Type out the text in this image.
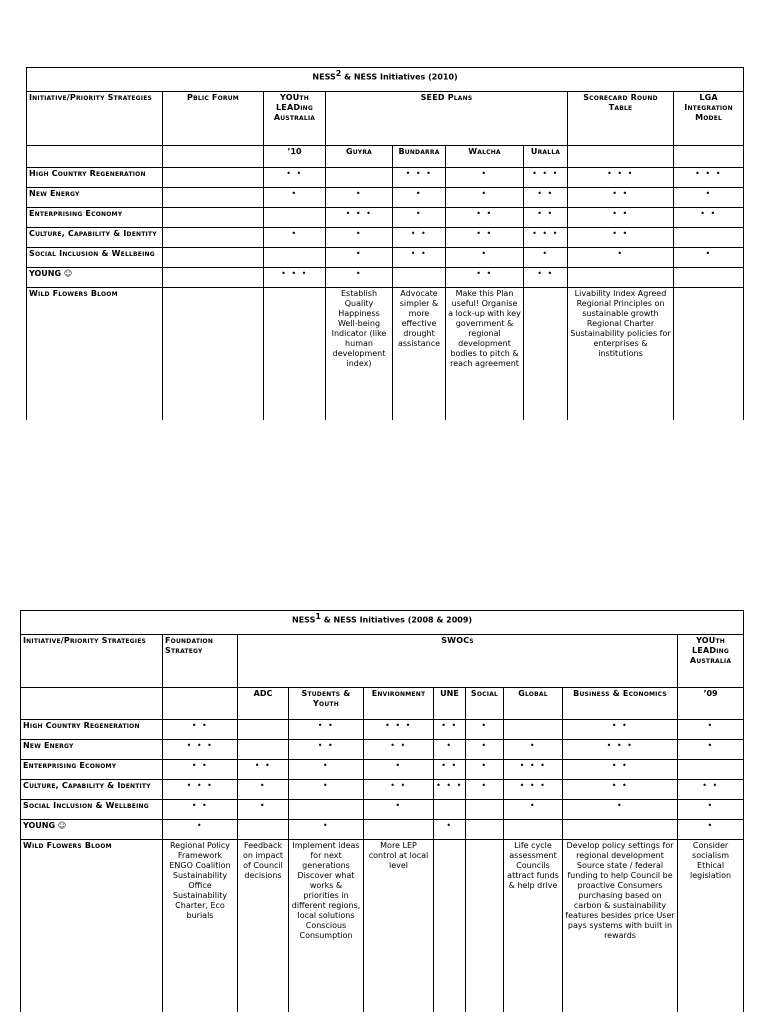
NESS$^2$ & NESS Initiatives (2010)								
Initiative/Priority Strategies	Pblic Forum	YOUth LEADing Australia	SEED Plans				Scorecard Round Table	LGA Integration Model
		’10	Guyra	Bundarra	Walcha	Uralla		
High Country Regeneration		• •		• • •	•	• • •	• • •	• • •
New Energy		•	•	•	•	• •	• •	•
Enterprising Economy			• • •	•	• •	• •	• •	• •
Culture, Capability & Identity		•	•	• •	• •	• • •	• •	
Social Inclusion & Wellbeing			•	• •	•	•	•	•
YOUNG ☺		• • •	•		• •	• •		
Wild Flowers Bloom			Establish Quality Happiness Well-being Indicator (like human development index)	Advocate simpler & more effective drought assistance	Make this Plan useful! Organise a lock-up with key government & regional development bodies to pitch & reach agreement		Livability Index Agreed Regional Principles on sustainable growth Regional Charter Sustainability policies for enterprises & institutions	
NESS$^1$ & NESS Initiatives (2008 & 2009)									
Initiative/Priority Strategies	Foundation Strategy	SWOCs							YOUth LEADing Australia
		ADC	Students & Youth	Environment	UNE	Social	Global	Business & Economics	’09
High Country Regeneration	• •		• •	• • •	• •	•		• •	•
New Energy	• • •		• •	• •	•	•	•	• • •	•
Enterprising Economy	• •	• •	•	•	• •	•	• • •	• •	
Culture, Capability & Identity	• • •	•	•	• •	• • •	•	• • •	• •	• •
Social Inclusion & Wellbeing	• •	•		•			•	•	•
YOUNG ☺	•		•		•				•
Wild Flowers Bloom	Regional Policy Framework ENGO Coalition Sustainability Office Sustainability Charter, Eco burials	Feedback on impact of Council decisions	Implement ideas for next generations Discover what works & priorities in different regions, local solutions Conscious Consumption	More LEP control at local level			Life cycle assessment Councils attract funds & help drive	Develop policy settings for regional development Source state / federal funding to help Council be proactive Consumers purchasing based on carbon & sustainability features besides price User pays systems with built in rewards	Consider socialism Ethical legislation
